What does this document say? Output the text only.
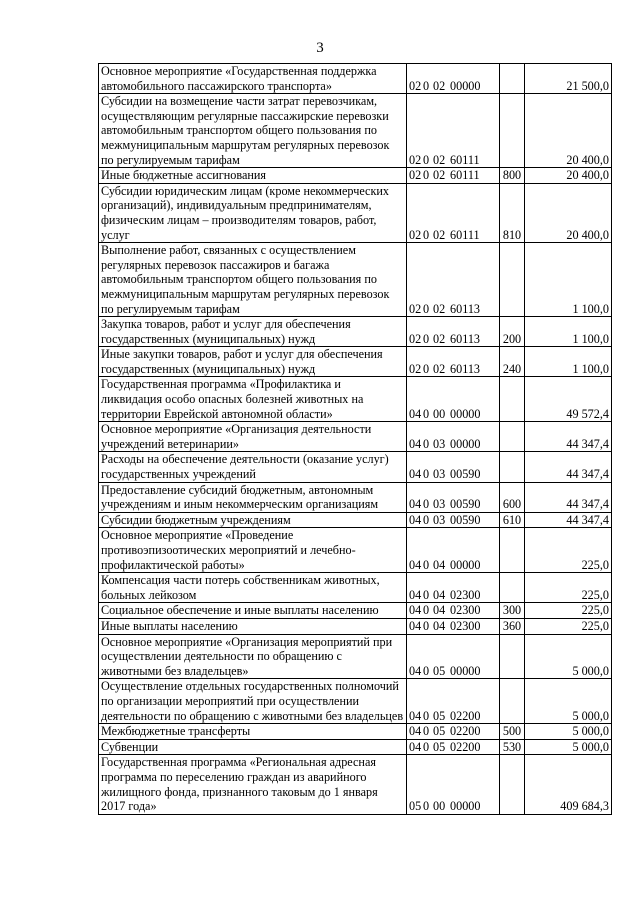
3
Основное мероприятие «Государственная поддержка автомобильного пассажирского транспорта»	02 0 02 00000		21 500,0
Субсидии на возмещение части затрат перевозчикам, осуществляющим регулярные пассажирские перевозки автомобильным транспортом общего пользования по межмуниципальным маршрутам регулярных перевозок по регулируемым тарифам	02 0 02 60111		20 400,0
Иные бюджетные ассигнования	02 0 02 60111	800	20 400,0
Субсидии юридическим лицам (кроме некоммерческих организаций), индивидуальным предпринимателям, физическим лицам – производителям товаров, работ, услуг	02 0 02 60111	810	20 400,0
Выполнение работ, связанных с осуществлением регулярных перевозок пассажиров и багажа автомобильным транспортом общего пользования по межмуниципальным маршрутам регулярных перевозок по регулируемым тарифам	02 0 02 60113		1 100,0
Закупка товаров, работ и услуг для обеспечения государственных (муниципальных) нужд	02 0 02 60113	200	1 100,0
Иные закупки товаров, работ и услуг для обеспечения государственных (муниципальных) нужд	02 0 02 60113	240	1 100,0
Государственная программа «Профилактика и ликвидация особо опасных болезней животных на территории Еврейской автономной области»	04 0 00 00000		49 572,4
Основное мероприятие «Организация деятельности учреждений ветеринарии»	04 0 03 00000		44 347,4
Расходы на обеспечение деятельности (оказание услуг) государственных учреждений	04 0 03 00590		44 347,4
Предоставление субсидий бюджетным, автономным учреждениям и иным некоммерческим организациям	04 0 03 00590	600	44 347,4
Субсидии бюджетным учреждениям	04 0 03 00590	610	44 347,4
Основное мероприятие «Проведение противоэпизоотических мероприятий и лечебно-профилактической работы»	04 0 04 00000		225,0
Компенсация части потерь собственникам животных, больных лейкозом	04 0 04 02300		225,0
Социальное обеспечение и иные выплаты населению	04 0 04 02300	300	225,0
Иные выплаты населению	04 0 04 02300	360	225,0
Основное мероприятие «Организация мероприятий при осуществлении деятельности по обращению с животными без владельцев»	04 0 05 00000		5 000,0
Осуществление отдельных государственных полномочий по организации мероприятий при осуществлении деятельности по обращению с животными без владельцев	04 0 05 02200		5 000,0
Межбюджетные трансферты	04 0 05 02200	500	5 000,0
Субвенции	04 0 05 02200	530	5 000,0
Государственная программа «Региональная адресная программа по переселению граждан из аварийного жилищного фонда, признанного таковым до 1 января 2017 года»	05 0 00 00000		409 684,3
